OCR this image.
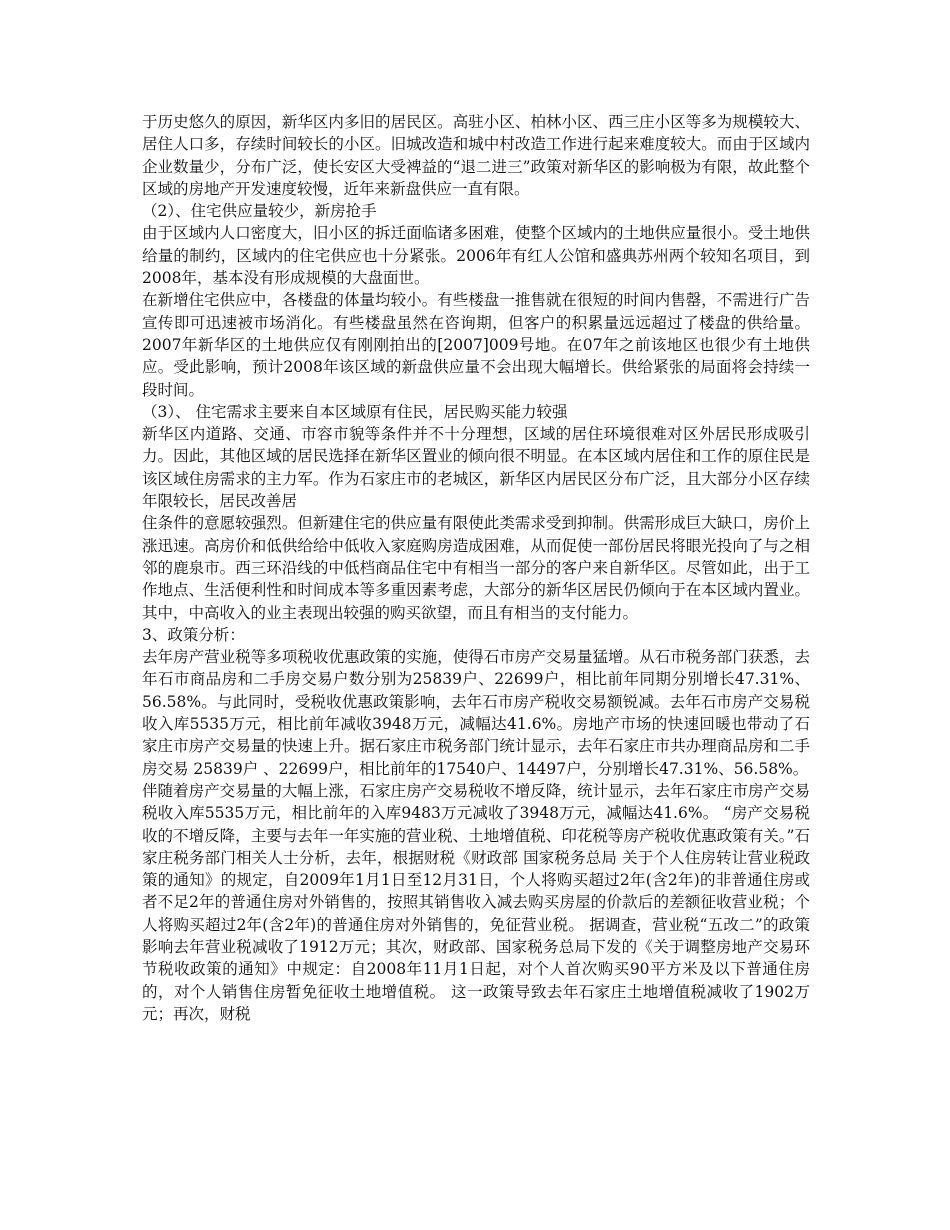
于历史悠久的原因，新华区内多旧的居民区。高驻小区、柏林小区、西三庄小区等多为规模较大、居住人口多，存续时间较长的小区。旧城改造和城中村改造工作进行起来难度较大。而由于区域内企业数量少，分布广泛，使长安区大受裨益的“退二进三”政策对新华区的影响极为有限，故此整个区域的房地产开发速度较慢，近年来新盘供应一直有限。

（2）、住宅供应量较少，新房抢手

由于区域内人口密度大，旧小区的拆迁面临诸多困难，使整个区域内的土地供应量很小。受土地供给量的制约，区域内的住宅供应也十分紧张。2006年有红人公馆和盛典苏州两个较知名项目，到2008年，基本没有形成规模的大盘面世。

在新增住宅供应中，各楼盘的体量均较小。有些楼盘一推售就在很短的时间内售罄，不需进行广告宣传即可迅速被市场消化。有些楼盘虽然在咨询期，但客户的积累量远远超过了楼盘的供给量。2007年新华区的土地供应仅有刚刚拍出的[2007]009号地。在07年之前该地区也很少有土地供应。受此影响，预计2008年该区域的新盘供应量不会出现大幅增长。供给紧张的局面将会持续一段时间。

（3）、 住宅需求主要来自本区域原有住民，居民购买能力较强

新华区内道路、交通、市容市貌等条件并不十分理想，区域的居住环境很难对区外居民形成吸引力。因此，其他区域的居民选择在新华区置业的倾向很不明显。在本区域内居住和工作的原住民是该区域住房需求的主力军。作为石家庄市的老城区，新华区内居民区分布广泛，且大部分小区存续年限较长，居民改善居

住条件的意愿较强烈。但新建住宅的供应量有限使此类需求受到抑制。供需形成巨大缺口，房价上涨迅速。高房价和低供给给中低收入家庭购房造成困难，从而促使一部份居民将眼光投向了与之相邻的鹿泉市。西三环沿线的中低档商品住宅中有相当一部分的客户来自新华区。尽管如此，出于工作地点、生活便利性和时间成本等多重因素考虑，大部分的新华区居民仍倾向于在本区域内置业。其中，中高收入的业主表现出较强的购买欲望，而且有相当的支付能力。

3、政策分析：

去年房产营业税等多项税收优惠政策的实施，使得石市房产交易量猛增。从石市税务部门获悉，去年石市商品房和二手房交易户数分别为25839户、22699户，相比前年同期分别增长47.31%、56.58%。与此同时，受税收优惠政策影响，去年石市房产税收交易额锐减。去年石市房产交易税收入库5535万元，相比前年减收3948万元，减幅达41.6%。房地产市场的快速回暖也带动了石家庄市房产交易量的快速上升。据石家庄市税务部门统计显示，去年石家庄市共办理商品房和二手房交易 25839户 、22699户，相比前年的17540户、14497户，分别增长47.31%、56.58%。

伴随着房产交易量的大幅上涨，石家庄房产交易税收不增反降，统计显示，去年石家庄市房产交易税收入库5535万元，相比前年的入库9483万元减收了3948万元，减幅达41.6%。 “房产交易税收的不增反降，主要与去年一年实施的营业税、土地增值税、印花税等房产税收优惠政策有关。”石家庄税务部门相关人士分析，去年，根据财税《财政部 国家税务总局 关于个人住房转让营业税政策的通知》的规定，自2009年1月1日至12月31日，个人将购买超过2年(含2年)的非普通住房或者不足2年的普通住房对外销售的，按照其销售收入减去购买房屋的价款后的差额征收营业税；个人将购买超过2年(含2年)的普通住房对外销售的，免征营业税。 据调查，营业税“五改二”的政策影响去年营业税减收了1912万元；其次，财政部、国家税务总局下发的《关于调整房地产交易环节税收政策的通知》中规定：自2008年11月1日起，对个人首次购买90平方米及以下普通住房的，对个人销售住房暂免征收土地增值税。 这一政策导致去年石家庄土地增值税减收了1902万元；再次，财税
